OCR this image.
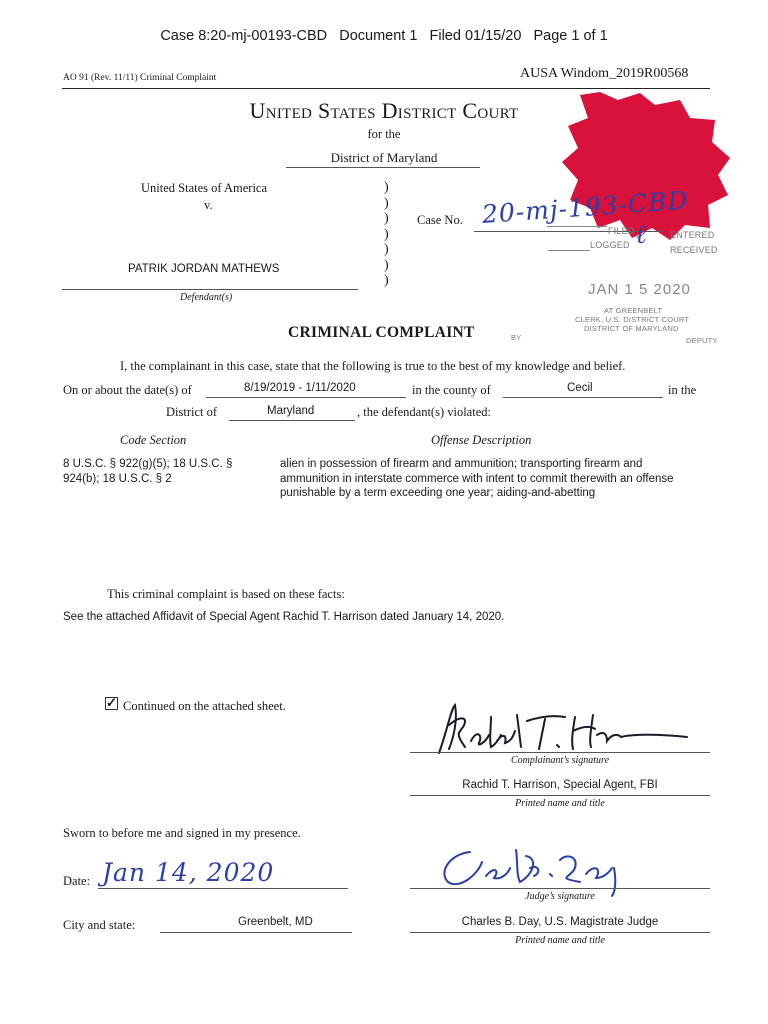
Case 8:20-mj-00193-CBD   Document 1   Filed 01/15/20   Page 1 of 1
AO 91 (Rev. 11/11) Criminal Complaint	AUSA Windom_2019R00568
United States District Court
for the
District of Maryland
United States of America
v.
PATRIK JORDAN MATHEWS
Defendant(s)
)
)
)
)
)
)
)
Case No. 20-mj-193-CBD
FILED	ENTERED
LOGGED	RECEIVED
ℓ
JAN 1 5 2020
AT GREENBELT
CLERK, U.S. DISTRICT COURT
DISTRICT OF MARYLAND
BY	DEPUTY
CRIMINAL COMPLAINT
I, the complainant in this case, state that the following is true to the best of my knowledge and belief.
On or about the date(s) of	8/19/2019 - 1/11/2020	in the county of	Cecil	in the
District of	Maryland	, the defendant(s) violated:
Code Section	Offense Description
8 U.S.C. § 922(g)(5); 18 U.S.C. § 924(b); 18 U.S.C. § 2
alien in possession of firearm and ammunition; transporting firearm and ammunition in interstate commerce with intent to commit therewith an offense punishable by a term exceeding one year; aiding-and-abetting
This criminal complaint is based on these facts:
See the attached Affidavit of Special Agent Rachid T. Harrison dated January 14, 2020.
✓ Continued on the attached sheet.
Complainant’s signature
Rachid T. Harrison, Special Agent, FBI
Printed name and title
Sworn to before me and signed in my presence.
Date: Jan 14, 2020
Judge’s signature
City and state:	Greenbelt, MD	Charles B. Day, U.S. Magistrate Judge
Printed name and title
